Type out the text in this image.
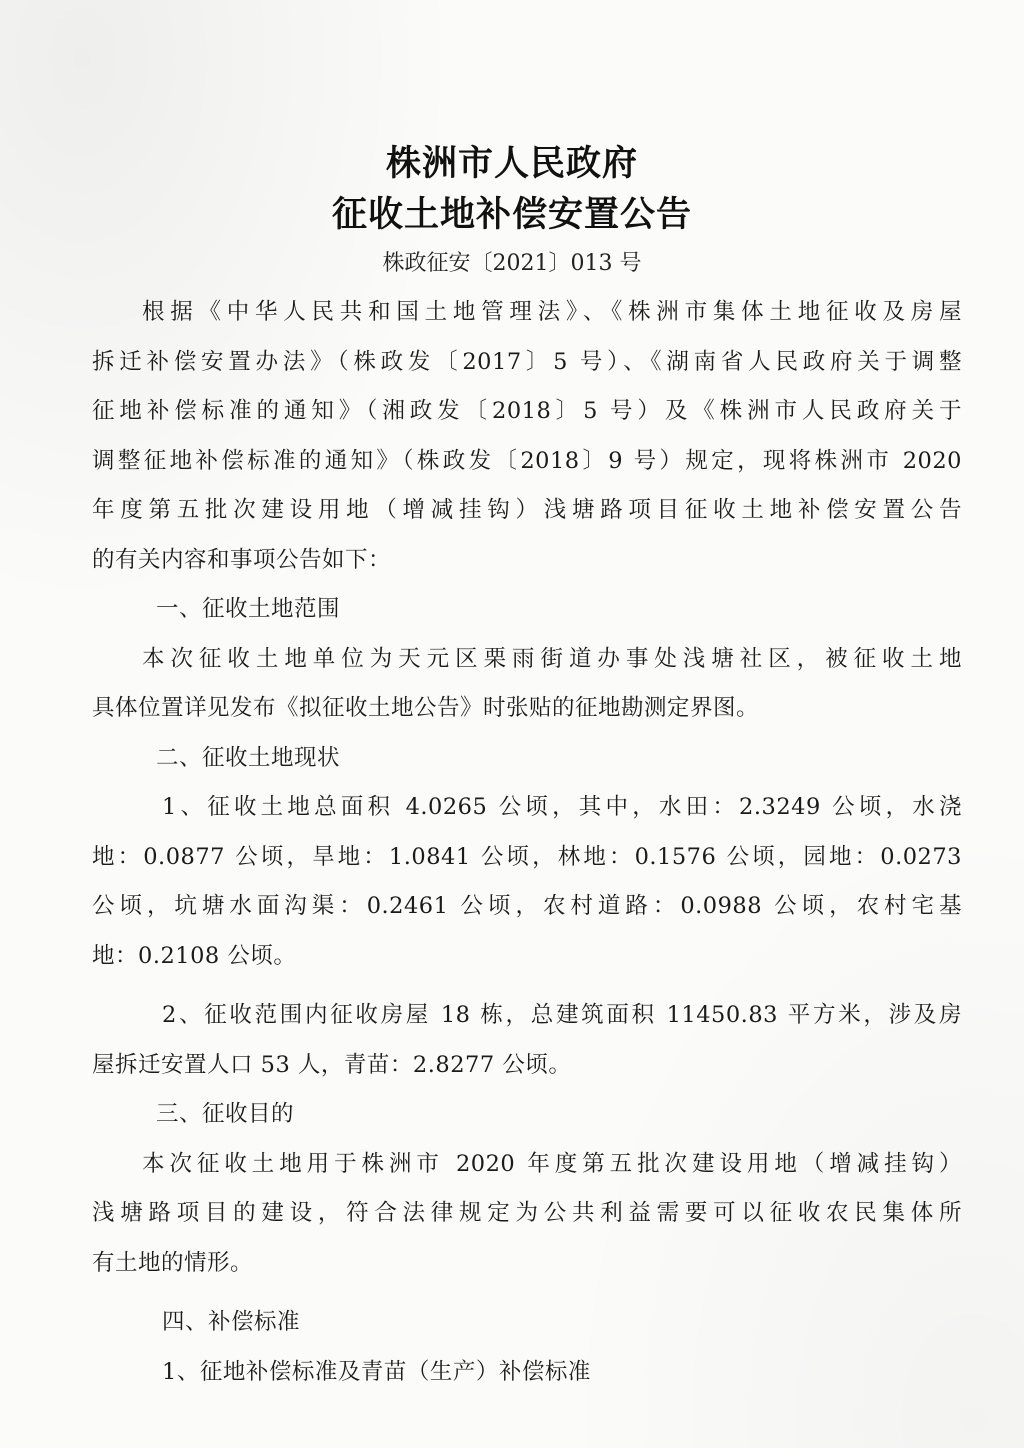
株洲市人民政府
征收土地补偿安置公告
株政征安〔2021〕013 号
根据《中华人民共和国土地管理法》、《株洲市集体土地征收及房屋
拆迁补偿安置办法》（株政发〔2017〕5 号）、《湖南省人民政府关于调整
征地补偿标准的通知》（湘政发〔2018〕5 号）及《株洲市人民政府关于
调整征地补偿标准的通知》（株政发〔2018〕9 号）规定，现将株洲市 2020
年度第五批次建设用地（增减挂钩）浅塘路项目征收土地补偿安置公告
的有关内容和事项公告如下：
一、征收土地范围
本次征收土地单位为天元区栗雨街道办事处浅塘社区，被征收土地
具体位置详见发布《拟征收土地公告》时张贴的征地勘测定界图。
二、征收土地现状
1、征收土地总面积 4.0265 公顷，其中，水田：2.3249 公顷，水浇
地：0.0877 公顷，旱地：1.0841 公顷，林地：0.1576 公顷，园地：0.0273
公顷，坑塘水面沟渠：0.2461 公顷，农村道路：0.0988 公顷，农村宅基
地：0.2108 公顷。
2、征收范围内征收房屋 18 栋，总建筑面积 11450.83 平方米，涉及房
屋拆迁安置人口 53 人，青苗：2.8277 公顷。
三、征收目的
本次征收土地用于株洲市 2020 年度第五批次建设用地（增减挂钩）
浅塘路项目的建设，符合法律规定为公共利益需要可以征收农民集体所
有土地的情形。
四、补偿标准
1、征地补偿标准及青苗（生产）补偿标准
